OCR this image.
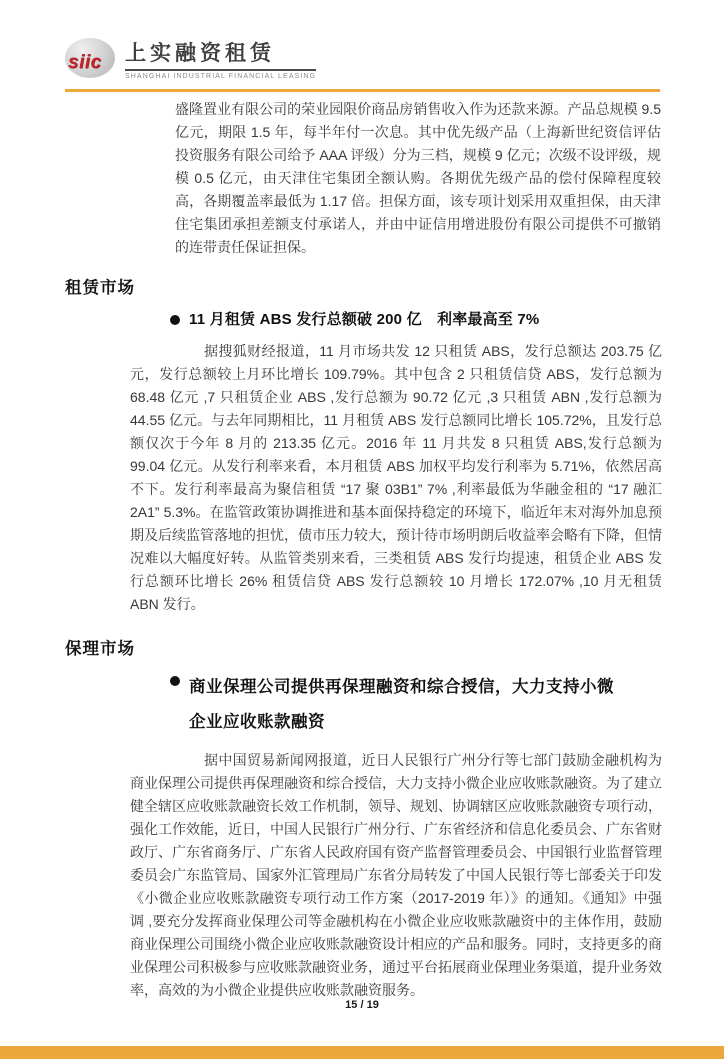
siic 上实融资租赁
SHANGHAI INDUSTRIAL FINANCIAL LEASING

盛隆置业有限公司的荣业园限价商品房销售收入作为还款来源。产品总规模 9.5 亿元，期限 1.5 年，每半年付一次息。其中优先级产品（上海新世纪资信评估投资服务有限公司给予 AAA 评级）分为三档，规模 9 亿元；次级不设评级，规模 0.5 亿元，由天津住宅集团全额认购。各期优先级产品的偿付保障程度较高，各期覆盖率最低为 1.17 倍。担保方面，该专项计划采用双重担保，由天津住宅集团承担差额支付承诺人，并由中证信用增进股份有限公司提供不可撤销的连带责任保证担保。

租赁市场
11 月租赁 ABS 发行总额破 200 亿　利率最高至 7%

据搜狐财经报道，11 月市场共发 12 只租赁 ABS，发行总额达 203.75 亿元，发行总额较上月环比增长 109.79%。其中包含 2 只租赁信贷 ABS，发行总额为 68.48 亿元 ,7 只租赁企业 ABS ,发行总额为 90.72 亿元 ,3 只租赁 ABN ,发行总额为 44.55 亿元。与去年同期相比，11 月租赁 ABS 发行总额同比增长 105.72%，且发行总额仅次于今年 8 月的 213.35 亿元。2016 年 11 月共发 8 只租赁 ABS,发行总额为 99.04 亿元。从发行利率来看，本月租赁 ABS 加权平均发行利率为 5.71%，依然居高不下。发行利率最高为聚信租赁 “17 聚 03B1” 7% ,利率最低为华融金租的 “17 融汇 2A1” 5.3%。在监管政策协调推进和基本面保持稳定的环境下，临近年末对海外加息预期及后续监管落地的担忧，债市压力较大，预计待市场明朗后收益率会略有下降，但情况难以大幅度好转。从监管类别来看，三类租赁 ABS 发行均提速，租赁企业 ABS 发行总额环比增长 26% 租赁信贷 ABS 发行总额较 10 月增长 172.07% ,10 月无租赁 ABN 发行。

保理市场
商业保理公司提供再保理融资和综合授信，大力支持小微企业应收账款融资

据中国贸易新闻网报道，近日人民银行广州分行等七部门鼓励金融机构为商业保理公司提供再保理融资和综合授信，大力支持小微企业应收账款融资。为了建立健全辖区应收账款融资长效工作机制，领导、规划、协调辖区应收账款融资专项行动，强化工作效能，近日，中国人民银行广州分行、广东省经济和信息化委员会、广东省财政厅、广东省商务厅、广东省人民政府国有资产监督管理委员会、中国银行业监督管理委员会广东监管局、国家外汇管理局广东省分局转发了中国人民银行等七部委关于印发《小微企业应收账款融资专项行动工作方案（2017-2019 年）》的通知。《通知》中强调 ,要充分发挥商业保理公司等金融机构在小微企业应收账款融资中的主体作用，鼓励商业保理公司围绕小微企业应收账款融资设计相应的产品和服务。同时，支持更多的商业保理公司积极参与应收账款融资业务，通过平台拓展商业保理业务渠道，提升业务效率，高效的为小微企业提供应收账款融资服务。

15 / 19
